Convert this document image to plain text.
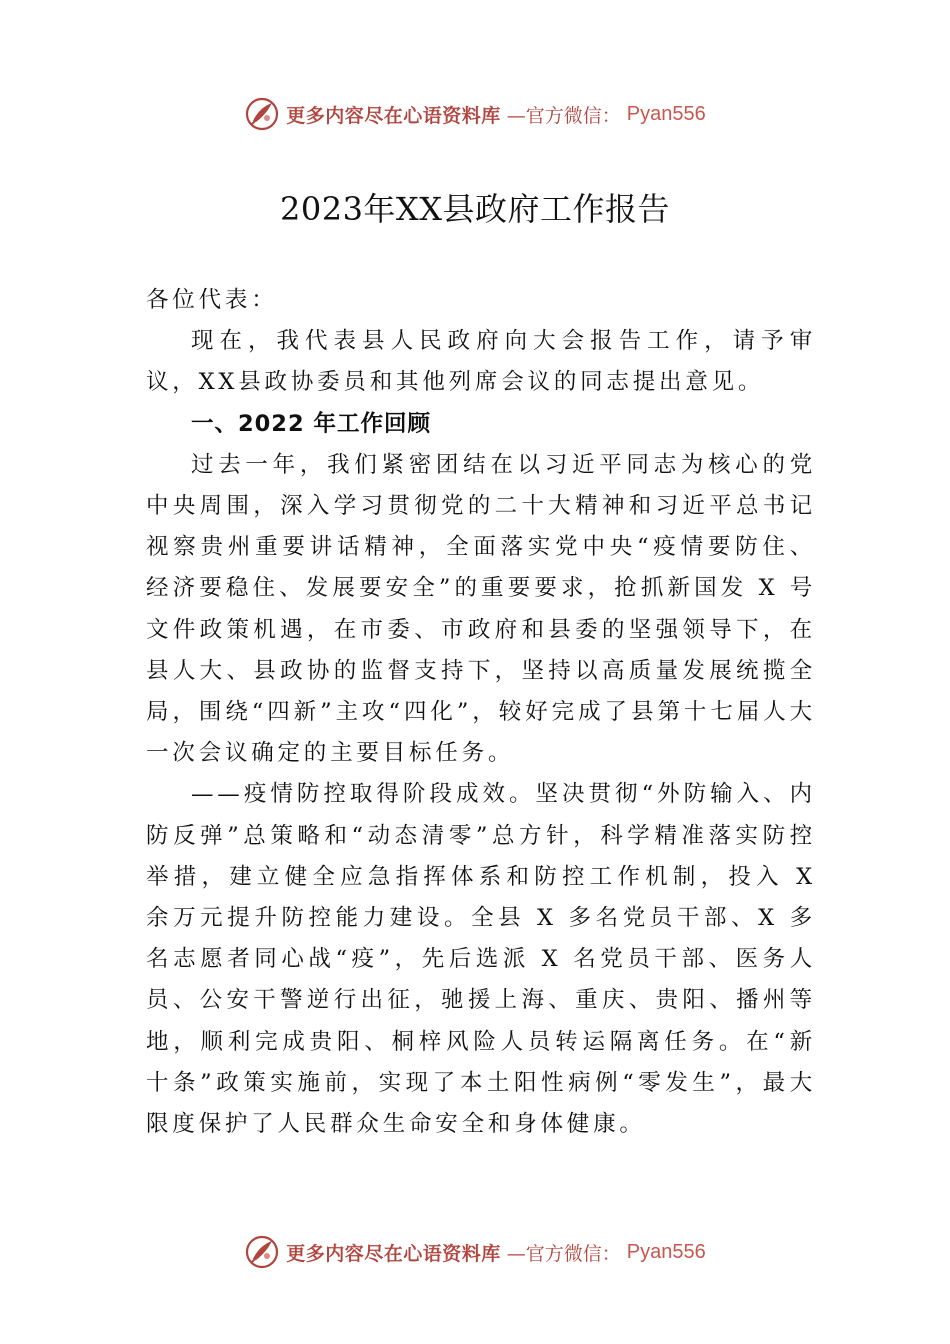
更多内容尽在心语资料库 —官方微信： Pyan556
2023年XX县政府工作报告

各位代表：

现在，我代表县人民政府向大会报告工作，请予审议，XX县政协委员和其他列席会议的同志提出意见。

一、2022 年工作回顾

过去一年，我们紧密团结在以习近平同志为核心的党中央周围，深入学习贯彻党的二十大精神和习近平总书记视察贵州重要讲话精神，全面落实党中央“疫情要防住、经济要稳住、发展要安全”的重要要求，抢抓新国发 X 号文件政策机遇，在市委、市政府和县委的坚强领导下，在县人大、县政协的监督支持下，坚持以高质量发展统揽全局，围绕“四新”主攻“四化”，较好完成了县第十七届人大一次会议确定的主要目标任务。

——疫情防控取得阶段成效。坚决贯彻“外防输入、内防反弹”总策略和“动态清零”总方针，科学精准落实防控举措，建立健全应急指挥体系和防控工作机制，投入 X 余万元提升防控能力建设。全县 X 多名党员干部、X 多名志愿者同心战“疫”，先后选派 X 名党员干部、医务人员、公安干警逆行出征，驰援上海、重庆、贵阳、播州等地，顺利完成贵阳、桐梓风险人员转运隔离任务。在“新十条”政策实施前，实现了本土阳性病例“零发生”，最大限度保护了人民群众生命安全和身体健康。

更多内容尽在心语资料库 —官方微信： Pyan556
